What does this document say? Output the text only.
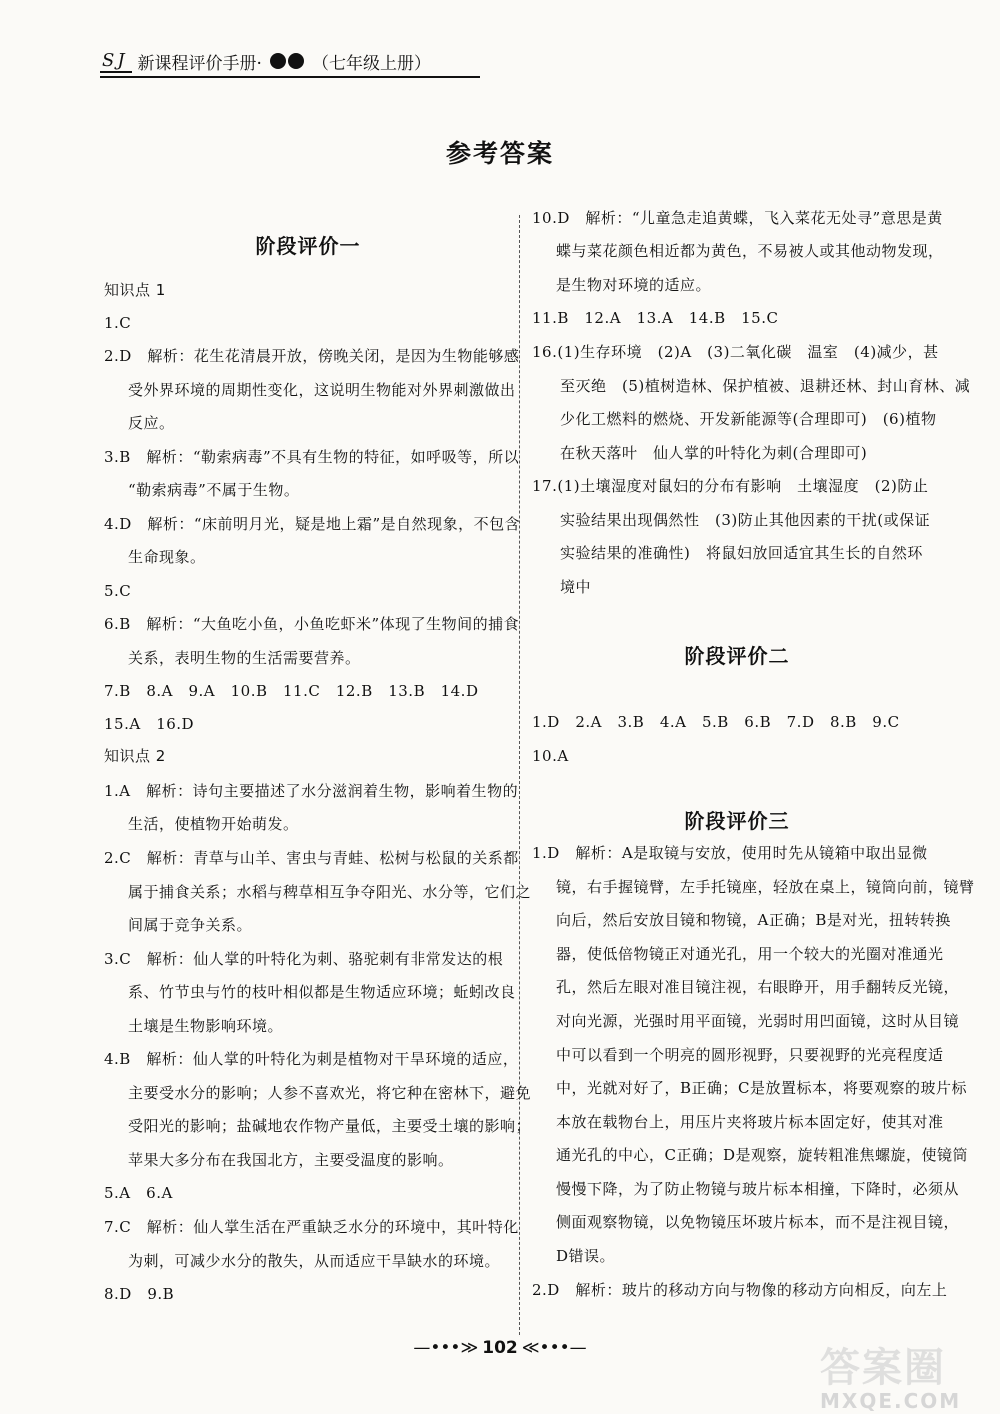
SJ 新课程评价手册·	（七年级上册）
参考答案
阶段评价一
知识点 1
1.C
2.D　解析：花生花清晨开放，傍晚关闭，是因为生物能够感
受外界环境的周期性变化，这说明生物能对外界刺激做出
反应。
3.B　解析：“勒索病毒”不具有生物的特征，如呼吸等，所以
“勒索病毒”不属于生物。
4.D　解析：“床前明月光，疑是地上霜”是自然现象，不包含
生命现象。
5.C
6.B　解析：“大鱼吃小鱼，小鱼吃虾米”体现了生物间的捕食
关系，表明生物的生活需要营养。
7.B　8.A　9.A　10.B　11.C　12.B　13.B　14.D
15.A　16.D
知识点 2
1.A　解析：诗句主要描述了水分滋润着生物，影响着生物的
生活，使植物开始萌发。
2.C　解析：青草与山羊、害虫与青蛙、松树与松鼠的关系都
属于捕食关系；水稻与稗草相互争夺阳光、水分等，它们之
间属于竞争关系。
3.C　解析：仙人掌的叶特化为刺、骆驼刺有非常发达的根
系、竹节虫与竹的枝叶相似都是生物适应环境；蚯蚓改良
土壤是生物影响环境。
4.B　解析：仙人掌的叶特化为刺是植物对干旱环境的适应，
主要受水分的影响；人参不喜欢光，将它种在密林下，避免
受阳光的影响；盐碱地农作物产量低，主要受土壤的影响；
苹果大多分布在我国北方，主要受温度的影响。
5.A　6.A
7.C　解析：仙人掌生活在严重缺乏水分的环境中，其叶特化
为刺，可减少水分的散失，从而适应干旱缺水的环境。
8.D　9.B
阶段评价二
阶段评价三
10.D　解析：“儿童急走追黄蝶，飞入菜花无处寻”意思是黄
蝶与菜花颜色相近都为黄色，不易被人或其他动物发现，
是生物对环境的适应。
11.B　12.A　13.A　14.B　15.C
16.(1)生存环境　(2)A　(3)二氧化碳　温室　(4)减少，甚
至灭绝　(5)植树造林、保护植被、退耕还林、封山育林、减
少化工燃料的燃烧、开发新能源等(合理即可)　(6)植物
在秋天落叶　仙人掌的叶特化为刺(合理即可)
17.(1)土壤湿度对鼠妇的分布有影响　土壤湿度　(2)防止
实验结果出现偶然性　(3)防止其他因素的干扰(或保证
实验结果的准确性)　将鼠妇放回适宜其生长的自然环
境中
1.D　2.A　3.B　4.A　5.B　6.B　7.D　8.B　9.C
10.A
1.D　解析：A是取镜与安放，使用时先从镜箱中取出显微
镜，右手握镜臂，左手托镜座，轻放在桌上，镜筒向前，镜臂
向后，然后安放目镜和物镜，A正确；B是对光，扭转转换
器，使低倍物镜正对通光孔，用一个较大的光圈对准通光
孔，然后左眼对准目镜注视，右眼睁开，用手翻转反光镜，
对向光源，光强时用平面镜，光弱时用凹面镜，这时从目镜
中可以看到一个明亮的圆形视野，只要视野的光亮程度适
中，光就对好了，B正确；C是放置标本，将要观察的玻片标
本放在载物台上，用压片夹将玻片标本固定好，使其对准
通光孔的中心，C正确；D是观察，旋转粗准焦螺旋，使镜筒
慢慢下降，为了防止物镜与玻片标本相撞，下降时，必须从
侧面观察物镜，以免物镜压坏玻片标本，而不是注视目镜，
D错误。
2.D　解析：玻片的移动方向与物像的移动方向相反，向左上
—•••≫ 102 ≪•••—	答案圈
MXQE.COM
